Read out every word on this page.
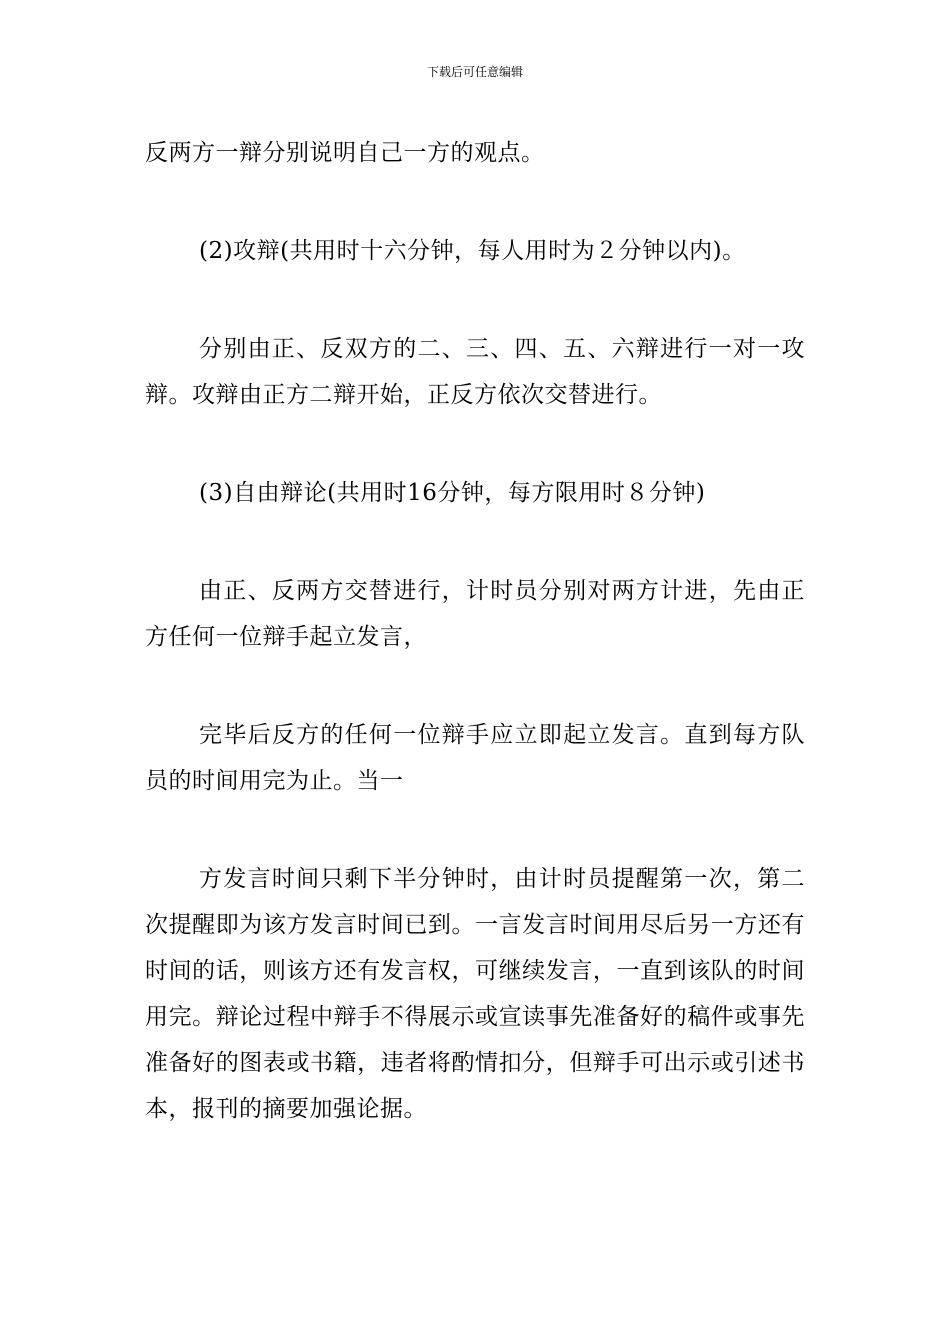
下载后可任意编辑

反两方一辩分别说明自己一方的观点。

(2)攻辩(共用时十六分钟，每人用时为２分钟以内)。

分别由正、反双方的二、三、四、五、六辩进行一对一攻辩。攻辩由正方二辩开始，正反方依次交替进行。

(3)自由辩论(共用时16分钟，每方限用时８分钟)

由正、反两方交替进行，计时员分别对两方计进，先由正方任何一位辩手起立发言，

完毕后反方的任何一位辩手应立即起立发言。直到每方队员的时间用完为止。当一

方发言时间只剩下半分钟时，由计时员提醒第一次，第二次提醒即为该方发言时间已到。一言发言时间用尽后另一方还有时间的话，则该方还有发言权，可继续发言，一直到该队的时间用完。辩论过程中辩手不得展示或宣读事先准备好的稿件或事先准备好的图表或书籍，违者将酌情扣分，但辩手可出示或引述书本，报刊的摘要加强论据。
